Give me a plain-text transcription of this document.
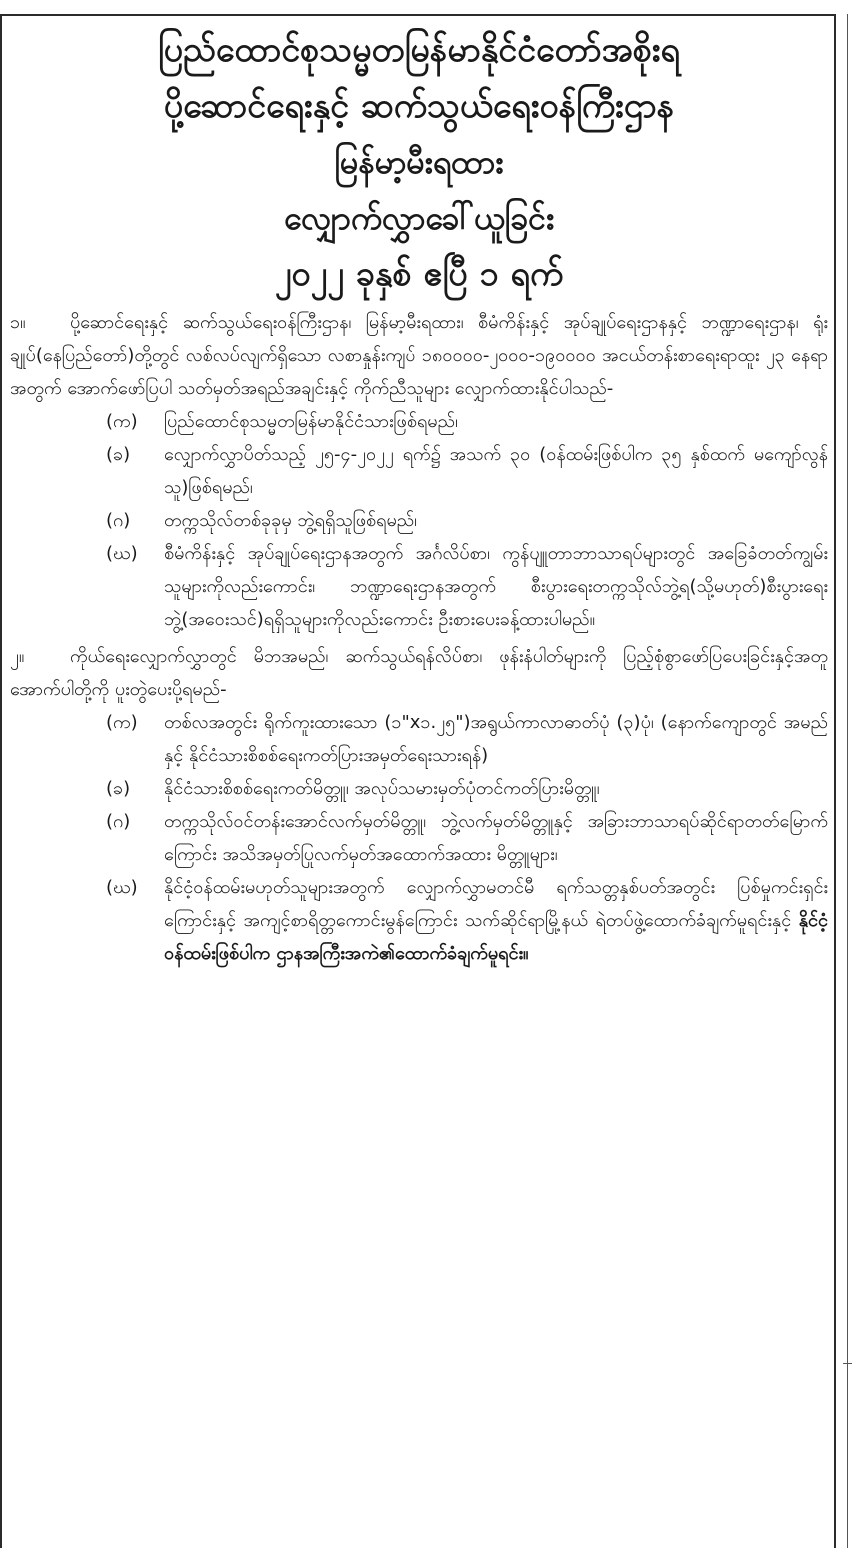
ပြည်ထောင်စုသမ္မတမြန်မာနိုင်ငံတော်အစိုးရ

ပို့ဆောင်ရေးနှင့် ဆက်သွယ်ရေးဝန်ကြီးဌာန

မြန်မာ့မီးရထား

လျှောက်လွှာခေါ်ယူခြင်း

၂၀၂၂ ခုနှစ် ဧပြီ ၁ ရက်

၁။ ပို့ဆောင်ရေးနှင့် ဆက်သွယ်ရေးဝန်ကြီးဌာန၊ မြန်မာ့မီးရထား၊ စီမံကိန်းနှင့် အုပ်ချုပ်ရေးဌာနနှင့် ဘဏ္ဍာရေးဌာန၊ ရုံးချုပ်(နေပြည်တော်)တို့တွင် လစ်လပ်လျက်ရှိသော လစာနှုန်းကျပ် ၁၈၀၀၀၀-၂၀၀၀-၁၉၀၀၀၀ အငယ်တန်းစာရေးရာထူး ၂၃ နေရာ အတွက် အောက်ဖော်ပြပါ သတ်မှတ်အရည်အချင်းနှင့် ကိုက်ညီသူများ လျှောက်ထားနိုင်ပါသည်-

(က)	ပြည်ထောင်စုသမ္မတမြန်မာနိုင်ငံသားဖြစ်ရမည်၊
(ခ)	လျှောက်လွှာပိတ်သည့် ၂၅-၄-၂၀၂၂ ရက်၌ အသက် ၃၀ (ဝန်ထမ်းဖြစ်ပါက ၃၅ နှစ်ထက် မကျော်လွန်သူ)ဖြစ်ရမည်၊
(ဂ)	တက္ကသိုလ်တစ်ခုခုမှ ဘွဲ့ရရှိသူဖြစ်ရမည်၊
(ဃ)	စီမံကိန်းနှင့် အုပ်ချုပ်ရေးဌာနအတွက် အင်္ဂလိပ်စာ၊ ကွန်ပျူတာဘာသာရပ်များတွင် အခြေခံတတ်ကျွမ်းသူများကိုလည်းကောင်း၊ ဘဏ္ဍာရေးဌာနအတွက် စီးပွားရေးတက္ကသိုလ်ဘွဲ့ရ(သို့မဟုတ်)စီးပွားရေးဘွဲ့(အဝေးသင်)ရရှိသူများကိုလည်းကောင်း ဦးစားပေးခန့်ထားပါမည်။

၂။	ကိုယ်ရေးလျှောက်လွှာတွင် မိဘအမည်၊ ဆက်သွယ်ရန်လိပ်စာ၊ ဖုန်းနံပါတ်များကို ပြည့်စုံစွာဖော်ပြပေးခြင်းနှင့်အတူ အောက်ပါတို့ကို ပူးတွဲပေးပို့ရမည်-

(က)	တစ်လအတွင်း ရိုက်ကူးထားသော (၁"x၁.၂၅")အရွယ်ကာလာဓာတ်ပုံ (၃)ပုံ၊ (နောက်ကျောတွင် အမည်နှင့် နိုင်ငံသားစိစစ်ရေးကတ်ပြားအမှတ်ရေးသားရန်)
(ခ)	နိုင်ငံသားစိစစ်ရေးကတ်မိတ္တူ၊ အလုပ်သမားမှတ်ပုံတင်ကတ်ပြားမိတ္တူ၊
(ဂ)	တက္ကသိုလ်ဝင်တန်းအောင်လက်မှတ်မိတ္တူ၊ ဘွဲ့လက်မှတ်မိတ္တူနှင့် အခြားဘာသာရပ်ဆိုင်ရာတတ်မြောက်ကြောင်း အသိအမှတ်ပြုလက်မှတ်အထောက်အထား မိတ္တူများ၊
(ဃ)	နိုင်ငံ့ဝန်ထမ်းမဟုတ်သူများအတွက် လျှောက်လွှာမတင်မီ ရက်သတ္တနှစ်ပတ်အတွင်း ပြစ်မှုကင်းရှင်းကြောင်းနှင့် အကျင့်စာရိတ္တကောင်းမွန်ကြောင်း သက်ဆိုင်ရာမြို့နယ် ရဲတပ်ဖွဲ့ထောက်ခံချက်မူရင်းနှင့် နိုင်ငံ့ဝန်ထမ်းဖြစ်ပါက ဌာနအကြီးအကဲ၏ထောက်ခံချက်မူရင်း။
